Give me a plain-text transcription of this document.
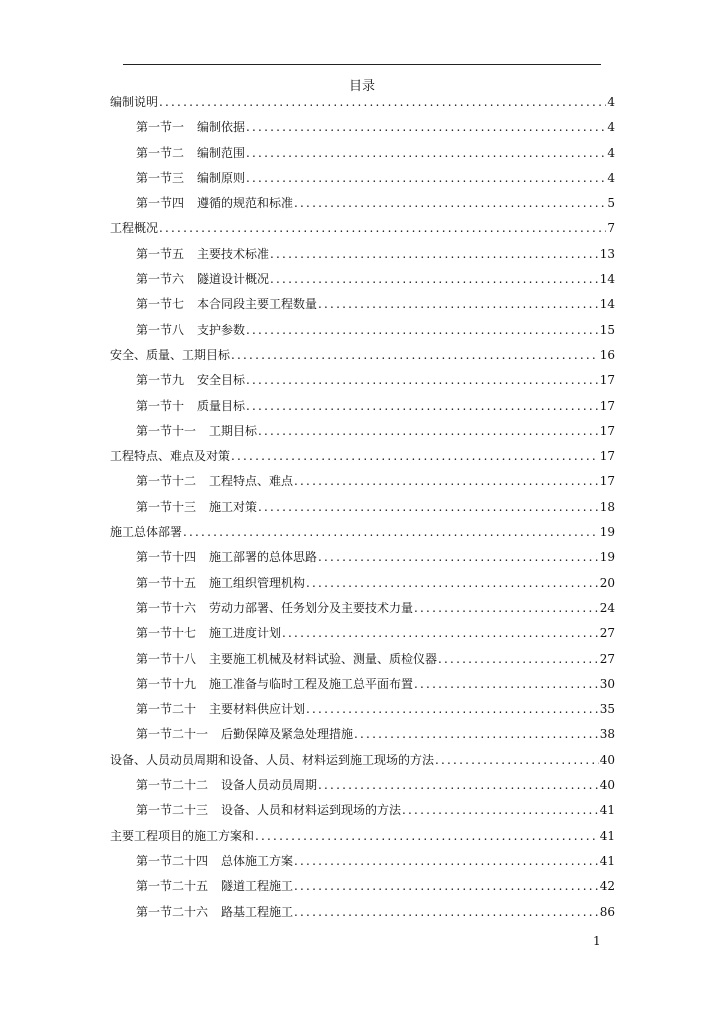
目录
编制说明 .....	4
第一节一 编制依据 .....	4
第一节二 编制范围 .....	4
第一节三 编制原则 .....	4
第一节四 遵循的规范和标准 .....	5
工程概况 .....	7
第一节五 主要技术标准 .....	13
第一节六 隧道设计概况 .....	14
第一节七 本合同段主要工程数量 .....	14
第一节八 支护参数 .....	15
安全、质量、工期目标 .....	16
第一节九 安全目标 .....	17
第一节十 质量目标 .....	17
第一节十一 工期目标 .....	17
工程特点、难点及对策 .....	17
第一节十二 工程特点、难点 .....	17
第一节十三 施工对策 .....	18
施工总体部署 .....	19
第一节十四 施工部署的总体思路 .....	19
第一节十五 施工组织管理机构 .....	20
第一节十六 劳动力部署、任务划分及主要技术力量 .....	24
第一节十七 施工进度计划 .....	27
第一节十八 主要施工机械及材料试验、测量、质检仪器 .....	27
第一节十九 施工准备与临时工程及施工总平面布置 .....	30
第一节二十 主要材料供应计划 .....	35
第一节二十一 后勤保障及紧急处理措施 .....	38
设备、人员动员周期和设备、人员、材料运到施工现场的方法 .....	40
第一节二十二 设备人员动员周期 .....	40
第一节二十三 设备、人员和材料运到现场的方法 .....	41
主要工程项目的施工方案和 .....	41
第一节二十四 总体施工方案 .....	41
第一节二十五 隧道工程施工 .....	42
第一节二十六 路基工程施工 .....	86
1
